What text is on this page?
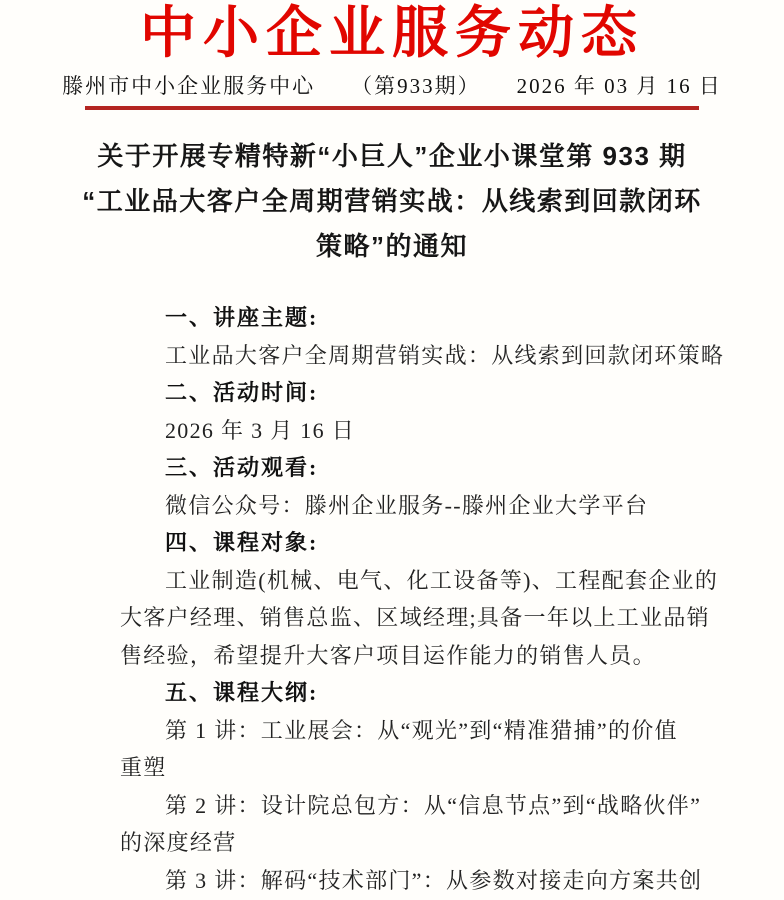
中小企业服务动态
滕州市中小企业服务中心 （第933期） 2026 年 03 月 16 日
关于开展专精特新“小巨人”企业小课堂第 933 期
“工业品大客户全周期营销实战：从线索到回款闭环
策略”的通知
一、讲座主题:
工业品大客户全周期营销实战：从线索到回款闭环策略
二、活动时间:
2026 年 3 月 16 日
三、活动观看:
微信公众号：滕州企业服务--滕州企业大学平台
四、课程对象:
工业制造(机械、电气、化工设备等)、工程配套企业的
大客户经理、销售总监、区域经理;具备一年以上工业品销
售经验，希望提升大客户项目运作能力的销售人员。
五、课程大纲:
第 1 讲：工业展会：从“观光”到“精准猎捕”的价值
重塑
第 2 讲：设计院总包方：从“信息节点”到“战略伙伴”
的深度经营
第 3 讲：解码“技术部门”：从参数对接走向方案共创
